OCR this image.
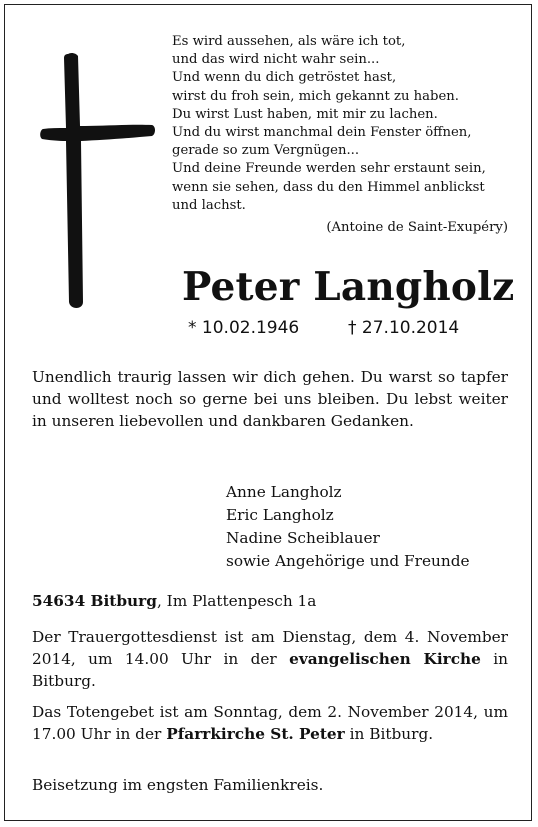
Es wird aussehen, als wäre ich tot,
und das wird nicht wahr sein...
Und wenn du dich getröstet hast,
wirst du froh sein, mich gekannt zu haben.
Du wirst Lust haben, mit mir zu lachen.
Und du wirst manchmal dein Fenster öffnen,
gerade so zum Vergnügen...
Und deine Freunde werden sehr erstaunt sein,
wenn sie sehen, dass du den Himmel anblickst
und lachst.
(Antoine de Saint-Exupéry)
Peter Langholz
* 10.02.1946	† 27.10.2014
Unendlich traurig lassen wir dich gehen. Du warst so tapfer und wolltest noch so gerne bei uns bleiben. Du lebst weiter in unseren liebevollen und dankbaren Gedanken.
Anne Langholz
Eric Langholz
Nadine Scheiblauer
sowie Angehörige und Freunde
54634 Bitburg, Im Plattenpesch 1a
Der Trauergottesdienst ist am Dienstag, dem 4. November 2014, um 14.00 Uhr in der evangelischen Kirche in Bitburg.
Das Totengebet ist am Sonntag, dem 2. November 2014, um 17.00 Uhr in der Pfarrkirche St. Peter in Bitburg.
Beisetzung im engsten Familienkreis.
